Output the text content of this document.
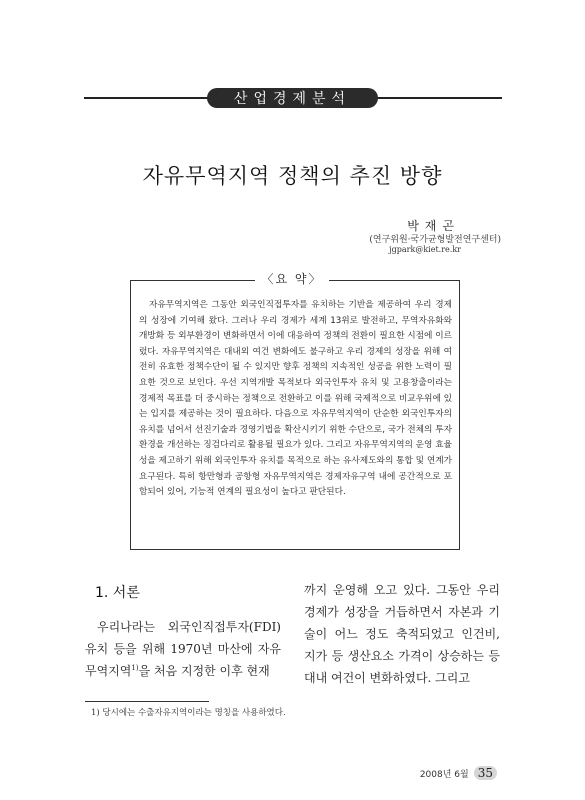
산업경제분석
자유무역지역 정책의 추진 방향
박재곤
(연구위원·국가균형발전연구센터)
jgpark@kiet.re.kr
〈요 약〉
자유무역지역은 그동안 외국인직접투자를 유치하는 기반을 제공하여 우리 경제의 성장에 기여해 왔다. 그러나 우리 경제가 세계 13위로 발전하고, 무역자유화와 개방화 등 외부환경이 변화하면서 이에 대응하여 정책의 전환이 필요한 시점에 이르렀다. 자유무역지역은 대내외 여건 변화에도 불구하고 우리 경제의 성장을 위해 여전히 유효한 정책수단이 될 수 있지만 향후 정책의 지속적인 성공을 위한 노력이 필요한 것으로 보인다. 우선 지역개발 목적보다 외국인투자 유치 및 고용창출이라는 경제적 목표를 더 중시하는 정책으로 전환하고 이를 위해 국제적으로 비교우위에 있는 입지를 제공하는 것이 필요하다. 다음으로 자유무역지역이 단순한 외국인투자의 유치를 넘어서 선진기술과 경영기법을 확산시키기 위한 수단으로, 국가 전체의 투자환경을 개선하는 징검다리로 활용될 필요가 있다. 그리고 자유무역지역의 운영 효율성을 제고하기 위해 외국인투자 유치를 목적으로 하는 유사제도와의 통합 및 연계가 요구된다. 특히 항만형과 공항형 자유무역지역은 경제자유구역 내에 공간적으로 포함되어 있어, 기능적 연계의 필요성이 높다고 판단된다.
1. 서론
우리나라는 외국인직접투자(FDI) 유치 등을 위해 1970년 마산에 자유무역지역$^{1)}$을 처음 지정한 이후 현재
까지 운영해 오고 있다. 그동안 우리 경제가 성장을 거듭하면서 자본과 기술이 어느 정도 축적되었고 인건비, 지가 등 생산요소 가격이 상승하는 등 대내 여건이 변화하였다. 그리고
1) 당시에는 수출자유지역이라는 명칭을 사용하였다.
2008년 6월 35
